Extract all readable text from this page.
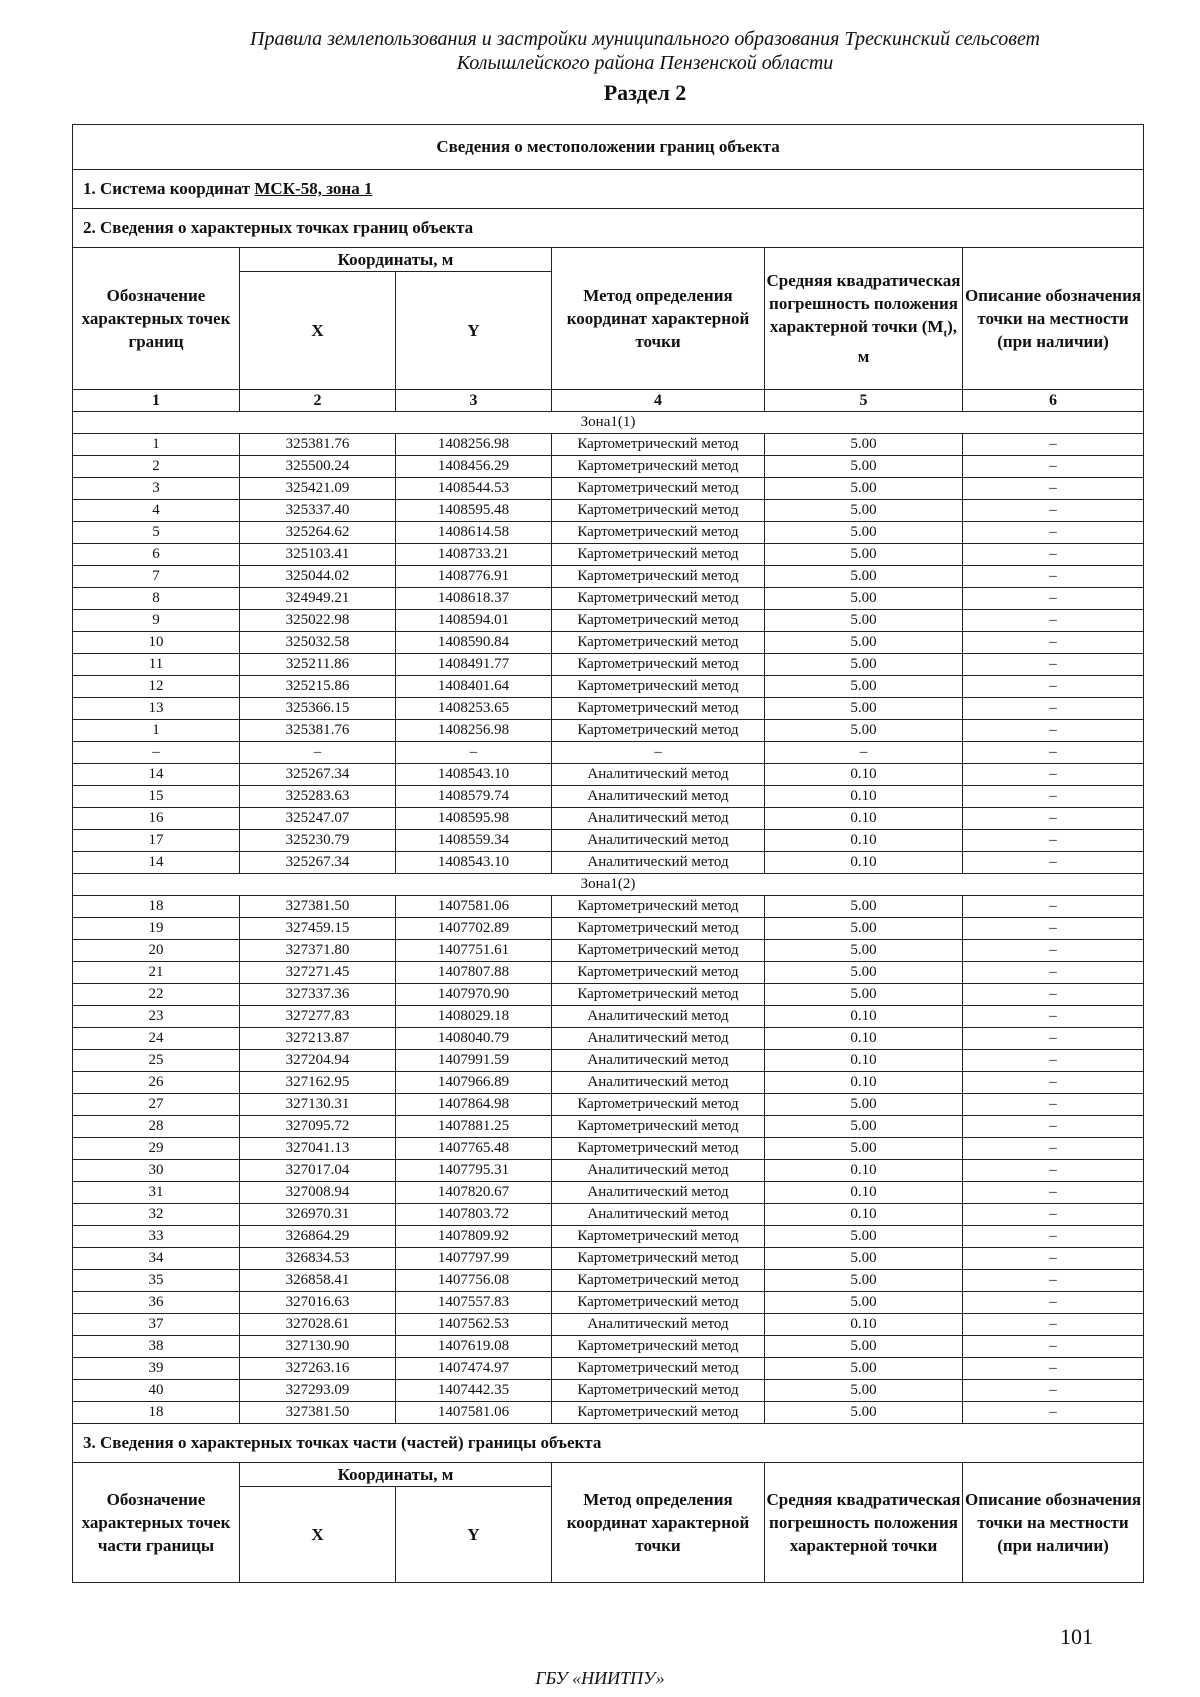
Правила землепользования и застройки муниципального образования Трескинский сельсовет
Колышлейского района Пензенской области
Раздел 2
Сведения о местоположении границ объекта					
1. Система координат МСК-58, зона 1					
2. Сведения о характерных точках границ объекта					
Обозначение характерных точек границ	Координаты, м		Метод определения координат характерной точки	Средняя квадратическая погрешность положения характерной точки $(M_t)$, м	Описание обозначения точки на местности (при наличии)
	X	Y			
1	2	3	4	5	6
Зона1(1)					
1	325381.76	1408256.98	Картометрический метод	5.00	–
2	325500.24	1408456.29	Картометрический метод	5.00	–
3	325421.09	1408544.53	Картометрический метод	5.00	–
4	325337.40	1408595.48	Картометрический метод	5.00	–
5	325264.62	1408614.58	Картометрический метод	5.00	–
6	325103.41	1408733.21	Картометрический метод	5.00	–
7	325044.02	1408776.91	Картометрический метод	5.00	–
8	324949.21	1408618.37	Картометрический метод	5.00	–
9	325022.98	1408594.01	Картометрический метод	5.00	–
10	325032.58	1408590.84	Картометрический метод	5.00	–
11	325211.86	1408491.77	Картометрический метод	5.00	–
12	325215.86	1408401.64	Картометрический метод	5.00	–
13	325366.15	1408253.65	Картометрический метод	5.00	–
1	325381.76	1408256.98	Картометрический метод	5.00	–
–	–	–	–	–	–
14	325267.34	1408543.10	Аналитический метод	0.10	–
15	325283.63	1408579.74	Аналитический метод	0.10	–
16	325247.07	1408595.98	Аналитический метод	0.10	–
17	325230.79	1408559.34	Аналитический метод	0.10	–
14	325267.34	1408543.10	Аналитический метод	0.10	–
Зона1(2)					
18	327381.50	1407581.06	Картометрический метод	5.00	–
19	327459.15	1407702.89	Картометрический метод	5.00	–
20	327371.80	1407751.61	Картометрический метод	5.00	–
21	327271.45	1407807.88	Картометрический метод	5.00	–
22	327337.36	1407970.90	Картометрический метод	5.00	–
23	327277.83	1408029.18	Аналитический метод	0.10	–
24	327213.87	1408040.79	Аналитический метод	0.10	–
25	327204.94	1407991.59	Аналитический метод	0.10	–
26	327162.95	1407966.89	Аналитический метод	0.10	–
27	327130.31	1407864.98	Картометрический метод	5.00	–
28	327095.72	1407881.25	Картометрический метод	5.00	–
29	327041.13	1407765.48	Картометрический метод	5.00	–
30	327017.04	1407795.31	Аналитический метод	0.10	–
31	327008.94	1407820.67	Аналитический метод	0.10	–
32	326970.31	1407803.72	Аналитический метод	0.10	–
33	326864.29	1407809.92	Картометрический метод	5.00	–
34	326834.53	1407797.99	Картометрический метод	5.00	–
35	326858.41	1407756.08	Картометрический метод	5.00	–
36	327016.63	1407557.83	Картометрический метод	5.00	–
37	327028.61	1407562.53	Аналитический метод	0.10	–
38	327130.90	1407619.08	Картометрический метод	5.00	–
39	327263.16	1407474.97	Картометрический метод	5.00	–
40	327293.09	1407442.35	Картометрический метод	5.00	–
18	327381.50	1407581.06	Картометрический метод	5.00	–
3. Сведения о характерных точках части (частей) границы объекта					
Обозначение характерных точек части границы	Координаты, м		Метод определения координат характерной точки	Средняя квадратическая погрешность положения характерной точки	Описание обозначения точки на местности (при наличии)
	X	Y			
101
ГБУ «НИИТПУ»
